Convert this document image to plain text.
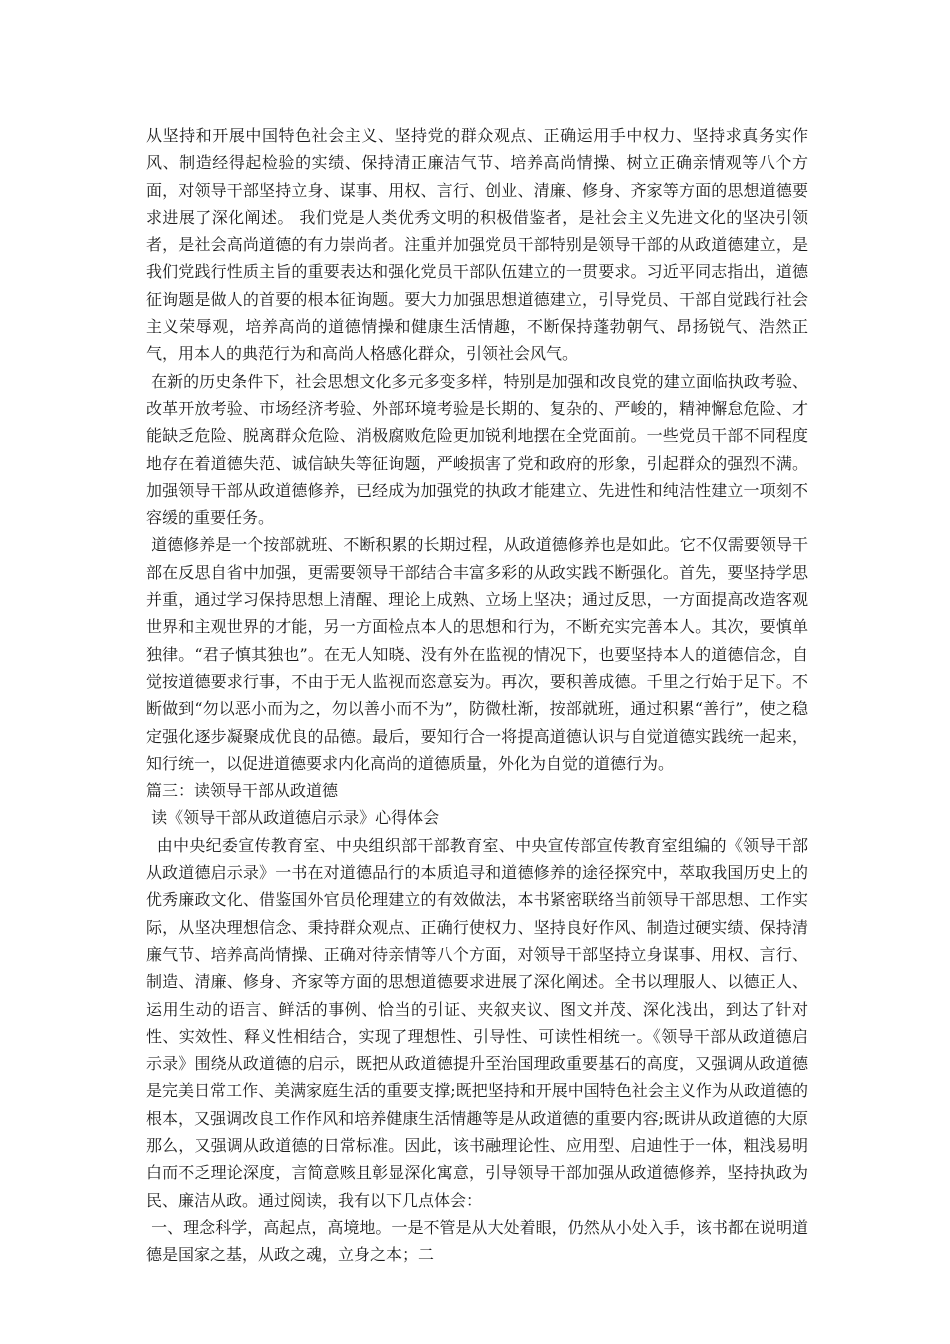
从坚持和开展中国特色社会主义、坚持党的群众观点、正确运用手中权力、坚持求真务实作风、制造经得起检验的实绩、保持清正廉洁气节、培养高尚情操、树立正确亲情观等八个方面，对领导干部坚持立身、谋事、用权、言行、创业、清廉、修身、齐家等方面的思想道德要求进展了深化阐述。 我们党是人类优秀文明的积极借鉴者，是社会主义先进文化的坚决引领者，是社会高尚道德的有力崇尚者。注重并加强党员干部特别是领导干部的从政道德建立，是我们党践行性质主旨的重要表达和强化党员干部队伍建立的一贯要求。习近平同志指出，道德征询题是做人的首要的根本征询题。要大力加强思想道德建立，引导党员、干部自觉践行社会主义荣辱观，培养高尚的道德情操和健康生活情趣，不断保持蓬勃朝气、昂扬锐气、浩然正气，用本人的典范行为和高尚人格感化群众，引领社会风气。

在新的历史条件下，社会思想文化多元多变多样，特别是加强和改良党的建立面临执政考验、改革开放考验、市场经济考验、外部环境考验是长期的、复杂的、严峻的，精神懈怠危险、才能缺乏危险、脱离群众危险、消极腐败危险更加锐利地摆在全党面前。一些党员干部不同程度地存在着道德失范、诚信缺失等征询题，严峻损害了党和政府的形象，引起群众的强烈不满。加强领导干部从政道德修养，已经成为加强党的执政才能建立、先进性和纯洁性建立一项刻不容缓的重要任务。

道德修养是一个按部就班、不断积累的长期过程，从政道德修养也是如此。它不仅需要领导干部在反思自省中加强，更需要领导干部结合丰富多彩的从政实践不断强化。首先，要坚持学思并重，通过学习保持思想上清醒、理论上成熟、立场上坚决；通过反思，一方面提高改造客观世界和主观世界的才能，另一方面检点本人的思想和行为，不断充实完善本人。其次，要慎单独律。“君子慎其独也”。在无人知晓、没有外在监视的情况下，也要坚持本人的道德信念，自觉按道德要求行事，不由于无人监视而恣意妄为。再次，要积善成德。千里之行始于足下。不断做到“勿以恶小而为之，勿以善小而不为”，防微杜渐，按部就班，通过积累“善行”，使之稳定强化逐步凝聚成优良的品德。最后，要知行合一将提高道德认识与自觉道德实践统一起来，知行统一，以促进道德要求内化高尚的道德质量，外化为自觉的道德行为。

篇三：读领导干部从政道德

读《领导干部从政道德启示录》心得体会

由中央纪委宣传教育室、中央组织部干部教育室、中央宣传部宣传教育室组编的《领导干部从政道德启示录》一书在对道德品行的本质追寻和道德修养的途径探究中，萃取我国历史上的优秀廉政文化、借鉴国外官员伦理建立的有效做法，本书紧密联络当前领导干部思想、工作实际，从坚决理想信念、秉持群众观点、正确行使权力、坚持良好作风、制造过硬实绩、保持清廉气节、培养高尚情操、正确对待亲情等八个方面，对领导干部坚持立身谋事、用权、言行、制造、清廉、修身、齐家等方面的思想道德要求进展了深化阐述。全书以理服人、以德正人、运用生动的语言、鲜活的事例、恰当的引证、夹叙夹议、图文并茂、深化浅出，到达了针对性、实效性、释义性相结合，实现了理想性、引导性、可读性相统一。《领导干部从政道德启示录》围绕从政道德的启示，既把从政道德提升至治国理政重要基石的高度，又强调从政道德是完美日常工作、美满家庭生活的重要支撑;既把坚持和开展中国特色社会主义作为从政道德的根本，又强调改良工作作风和培养健康生活情趣等是从政道德的重要内容;既讲从政道德的大原那么，又强调从政道德的日常标准。因此，该书融理论性、应用型、启迪性于一体，粗浅易明白而不乏理论深度，言简意赅且彰显深化寓意，引导领导干部加强从政道德修养，坚持执政为民、廉洁从政。通过阅读，我有以下几点体会：

一、理念科学，高起点，高境地。一是不管是从大处着眼，仍然从小处入手，该书都在说明道德是国家之基，从政之魂，立身之本；二
